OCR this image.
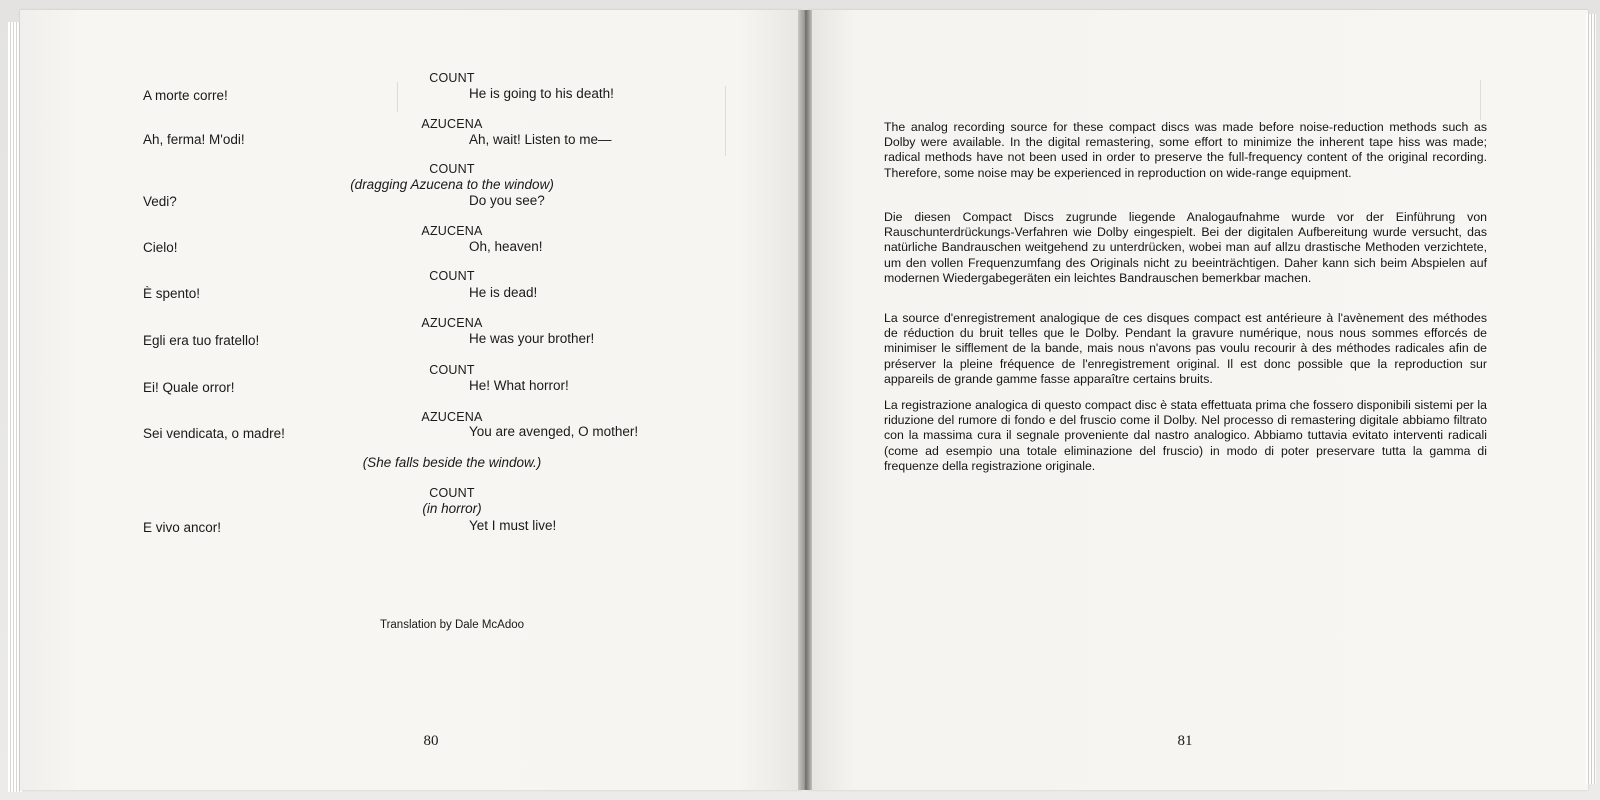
COUNT
A morte corre!	He is going to his death!
AZUCENA
Ah, ferma! M'odi!	Ah, wait! Listen to me—
COUNT
(dragging Azucena to the window)
Vedi?	Do you see?
AZUCENA
Cielo!	Oh, heaven!
COUNT
È spento!	He is dead!
AZUCENA
Egli era tuo fratello!	He was your brother!
COUNT
Ei! Quale orror!	He! What horror!
AZUCENA
Sei vendicata, o madre!	You are avenged, O mother!
(She falls beside the window.)
COUNT
(in horror)
E vivo ancor!	Yet I must live!
Translation by Dale McAdoo
80

The analog recording source for these compact discs was made before noise-reduction methods such as Dolby were available. In the digital remastering, some effort to minimize the inherent tape hiss was made; radical methods have not been used in order to preserve the full-frequency content of the original recording. Therefore, some noise may be experienced in reproduction on wide-range equipment.

Die diesen Compact Discs zugrunde liegende Analogaufnahme wurde vor der Einführung von Rauschunterdrückungs-Verfahren wie Dolby eingespielt. Bei der digitalen Aufbereitung wurde versucht, das natürliche Bandrauschen weitgehend zu unterdrücken, wobei man auf allzu drastische Methoden verzichtete, um den vollen Frequenzumfang des Originals nicht zu beeinträchtigen. Daher kann sich beim Abspielen auf modernen Wiedergabegeräten ein leichtes Bandrauschen bemerkbar machen.

La source d'enregistrement analogique de ces disques compact est antérieure à l'avènement des méthodes de réduction du bruit telles que le Dolby. Pendant la gravure numérique, nous nous sommes efforcés de minimiser le sifflement de la bande, mais nous n'avons pas voulu recourir à des méthodes radicales afin de préserver la pleine fréquence de l'enregistrement original. Il est donc possible que la reproduction sur appareils de grande gamme fasse apparaître certains bruits.

La registrazione analogica di questo compact disc è stata effettuata prima che fossero disponibili sistemi per la riduzione del rumore di fondo e del fruscio come il Dolby. Nel processo di remastering digitale abbiamo filtrato con la massima cura il segnale proveniente dal nastro analogico. Abbiamo tuttavia evitato interventi radicali (come ad esempio una totale eliminazione del fruscio) in modo di poter preservare tutta la gamma di frequenze della registrazione originale.

81
